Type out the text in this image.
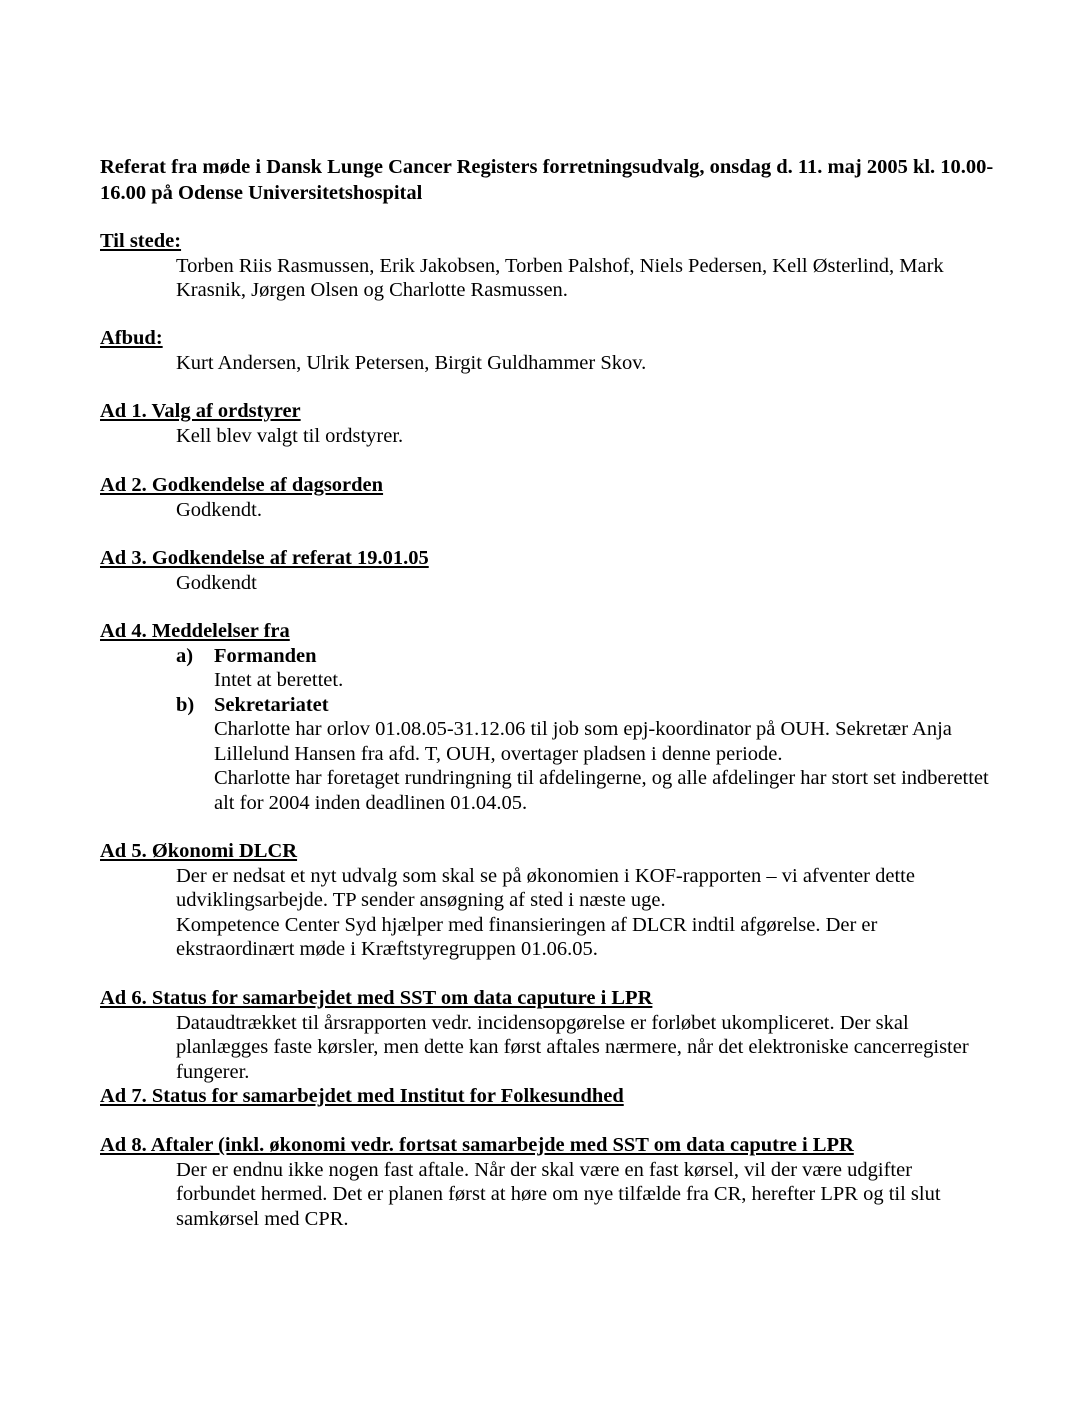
Referat fra møde i Dansk Lunge Cancer Registers forretningsudvalg, onsdag d. 11. maj 2005 kl. 10.00-16.00 på Odense Universitetshospital
Til stede:
Torben Riis Rasmussen, Erik Jakobsen, Torben Palshof, Niels Pedersen, Kell Østerlind, Mark Krasnik, Jørgen Olsen og Charlotte Rasmussen.
Afbud:
Kurt Andersen, Ulrik Petersen, Birgit Guldhammer Skov.
Ad 1. Valg af ordstyrer
Kell blev valgt til ordstyrer.
Ad 2. Godkendelse af dagsorden
Godkendt.
Ad 3. Godkendelse af referat 19.01.05
Godkendt
Ad 4. Meddelelser fra
a) Formanden

Intet at berettet.

b) Sekretariatet

Charlotte har orlov 01.08.05-31.12.06 til job som epj-koordinator på OUH. Sekretær Anja Lillelund Hansen fra afd. T, OUH, overtager pladsen i denne periode.

Charlotte har foretaget rundringning til afdelingerne, og alle afdelinger har stort set indberettet alt for 2004 inden deadlinen 01.04.05.

Ad 5. Økonomi DLCR

Der er nedsat et nyt udvalg som skal se på økonomien i KOF-rapporten – vi afventer dette udviklingsarbejde. TP sender ansøgning af sted i næste uge.

Kompetence Center Syd hjælper med finansieringen af DLCR indtil afgørelse. Der er ekstraordinært møde i Kræftstyregruppen 01.06.05.

Ad 6. Status for samarbejdet med SST om data caputure i LPR
Dataudtrækket til årsrapporten vedr. incidensopgørelse er forløbet ukompliceret. Der skal planlægges faste kørsler, men dette kan først aftales nærmere, når det elektroniske cancerregister fungerer.
Ad 7. Status for samarbejdet med Institut for Folkesundhed
Ad 8. Aftaler (inkl. økonomi vedr. fortsat samarbejde med SST om data caputre i LPR
Der er endnu ikke nogen fast aftale. Når der skal være en fast kørsel, vil der være udgifter forbundet hermed. Det er planen først at høre om nye tilfælde fra CR, herefter LPR og til slut samkørsel med CPR.
